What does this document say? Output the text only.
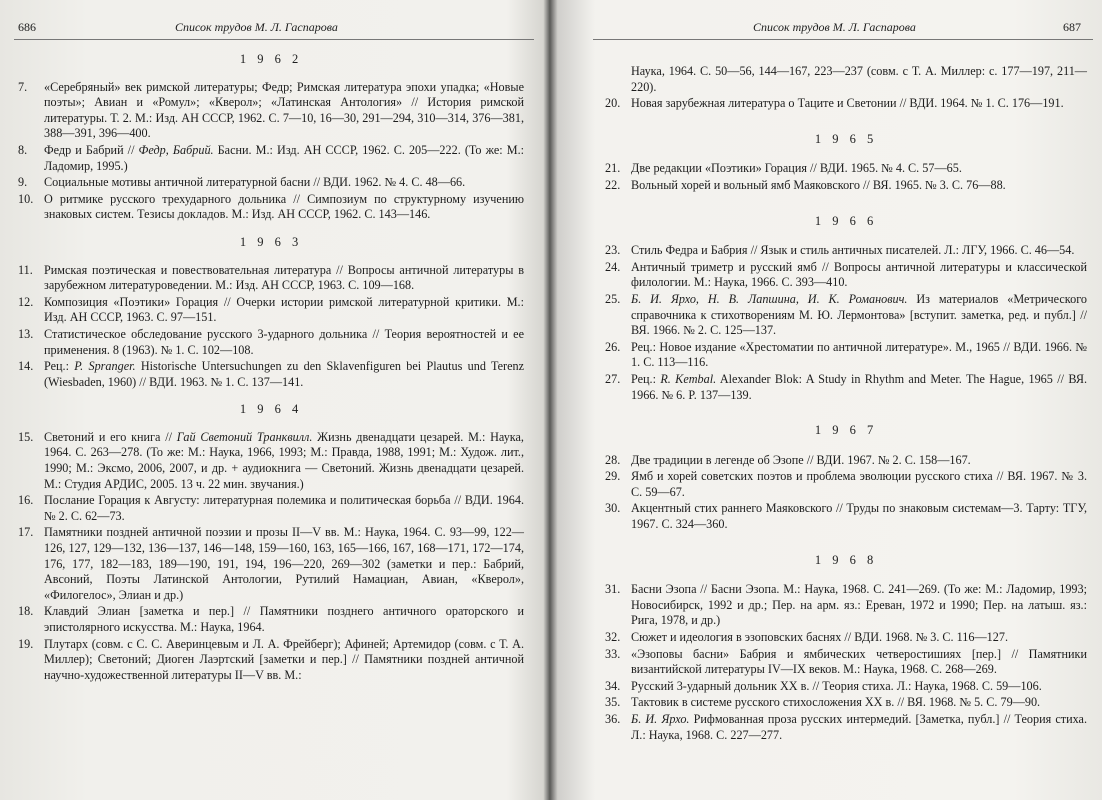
686	Список трудов М. Л. Гаспарова
1 9 6 2
7.	«Серебряный» век римской литературы; Федр; Римская литература эпохи упадка; «Новые поэты»; Авиан и «Ромул»; «Кверол»; «Латинская Антология» // История римской литературы. Т. 2. М.: Изд. АН СССР, 1962. С. 7—10, 16—30, 291—294, 310—314, 376—381, 388—391, 396—400.
8.	Федр и Бабрий // Федр, Бабрий. Басни. М.: Изд. АН СССР, 1962. С. 205—222. (То же: М.: Ладомир, 1995.)
9.	Социальные мотивы античной литературной басни // ВДИ. 1962. № 4. С. 48—66.
10. О ритмике русского трехударного дольника // Симпозиум по структурному изучению знаковых систем. Тезисы докладов. М.: Изд. АН СССР, 1962. С. 143—146.
1 9 6 3
11. Римская поэтическая и повествовательная литература // Вопросы античной литературы в зарубежном литературоведении. М.: Изд. АН СССР, 1963. С. 109—168.
12. Композиция «Поэтики» Горация // Очерки истории римской литературной критики. М.: Изд. АН СССР, 1963. С. 97—151.
13. Статистическое обследование русского 3-ударного дольника // Теория вероятностей и ее применения. 8 (1963). № 1. С. 102—108.
14. Рец.: P. Spranger. Historische Untersuchungen zu den Sklavenfiguren bei Plautus und Terenz (Wiesbaden, 1960) // ВДИ. 1963. № 1. С. 137—141.
1 9 6 4
15. Светоний и его книга // Гай Светоний Транквилл. Жизнь двенадцати цезарей. М.: Наука, 1964. С. 263—278. (То же: М.: Наука, 1966, 1993; М.: Правда, 1988, 1991; М.: Худож. лит., 1990; М.: Эксмо, 2006, 2007, и др. + аудиокнига — Светоний. Жизнь двенадцати цезарей. М.: Студия АРДИС, 2005. 13 ч. 22 мин. звучания.)
16. Послание Горация к Августу: литературная полемика и политическая борьба // ВДИ. 1964. № 2. С. 62—73.
17. Памятники поздней античной поэзии и прозы II—V вв. М.: Наука, 1964. С. 93—99, 122—126, 127, 129—132, 136—137, 146—148, 159—160, 163, 165—166, 167, 168—171, 172—174, 176, 177, 182—183, 189—190, 191, 194, 196—220, 269—302 (заметки и пер.: Бабрий, Авсоний, Поэты Латинской Антологии, Рутилий Намациан, Авиан, «Кверол», «Филогелос», Элиан и др.)
18. Клавдий Элиан [заметка и пер.] // Памятники позднего античного ораторского и эпистолярного искусства. М.: Наука, 1964.
19. Плутарх (совм. с С. С. Аверинцевым и Л. А. Фрейберг); Афиней; Артемидор (совм. с Т. А. Миллер); Светоний; Диоген Лаэртский [заметки и пер.] // Памятники поздней античной научно-художественной литературы II—V вв. М.:
Список трудов М. Л. Гаспарова	687
Наука, 1964. С. 50—56, 144—167, 223—237 (совм. с Т. А. Миллер: с. 177—197, 211—220).
20. Новая зарубежная литература о Таците и Светонии // ВДИ. 1964. № 1. С. 176—191.
1 9 6 5
21. Две редакции «Поэтики» Горация // ВДИ. 1965. № 4. С. 57—65.
22. Вольный хорей и вольный ямб Маяковского // ВЯ. 1965. № 3. С. 76—88.
1 9 6 6
23. Стиль Федра и Бабрия // Язык и стиль античных писателей. Л.: ЛГУ, 1966. С. 46—54.
24. Античный триметр и русский ямб // Вопросы античной литературы и классической филологии. М.: Наука, 1966. С. 393—410.
25. Б. И. Ярхо, Н. В. Лапшина, И. К. Романович. Из материалов «Метрического справочника к стихотворениям М. Ю. Лермонтова» [вступит. заметка, ред. и публ.] // ВЯ. 1966. № 2. С. 125—137.
26. Рец.: Новое издание «Хрестоматии по античной литературе». М., 1965 // ВДИ. 1966. № 1. С. 113—116.
27. Рец.: R. Kembal. Alexander Blok: A Study in Rhythm and Meter. The Hague, 1965 // ВЯ. 1966. № 6. P. 137—139.
1 9 6 7
28. Две традиции в легенде об Эзопе // ВДИ. 1967. № 2. С. 158—167.
29. Ямб и хорей советских поэтов и проблема эволюции русского стиха // ВЯ. 1967. № 3. С. 59—67.
30. Акцентный стих раннего Маяковского // Труды по знаковым системам—3. Тарту: ТГУ, 1967. С. 324—360.
1 9 6 8
31. Басни Эзопа // Басни Эзопа. М.: Наука, 1968. С. 241—269. (То же: М.: Ладомир, 1993; Новосибирск, 1992 и др.; Пер. на арм. яз.: Ереван, 1972 и 1990; Пер. на латыш. яз.: Рига, 1978, и др.)
32. Сюжет и идеология в эзоповских баснях // ВДИ. 1968. № 3. С. 116—127.
33. «Эзоповы басни» Бабрия и ямбических четверостишиях [пер.] // Памятники византийской литературы IV—IX веков. М.: Наука, 1968. С. 268—269.
34. Русский 3-ударный дольник XX в. // Теория стиха. Л.: Наука, 1968. С. 59—106.
35. Тактовик в системе русского стихосложения XX в. // ВЯ. 1968. № 5. С. 79—90.
36. Б. И. Ярхо. Рифмованная проза русских интермедий. [Заметка, публ.] // Теория стиха. Л.: Наука, 1968. С. 227—277.
